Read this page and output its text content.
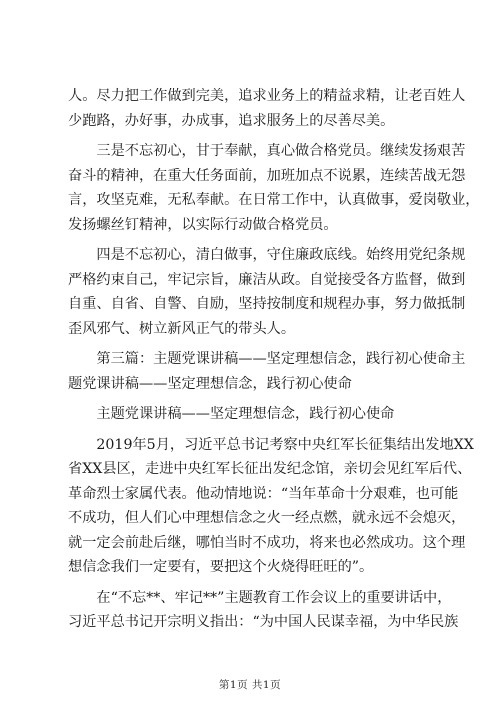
人。尽力把工作做到完美，追求业务上的精益求精，让老百姓人
少跑路，办好事，办成事，追求服务上的尽善尽美。

　　三是不忘初心，甘于奉献，真心做合格党员。继续发扬艰苦
奋斗的精神，在重大任务面前，加班加点不说累，连续苦战无怨
言，攻坚克难，无私奉献。在日常工作中，认真做事，爱岗敬业，
发扬螺丝钉精神，以实际行动做合格党员。

　　四是不忘初心，清白做事，守住廉政底线。始终用党纪条规
严格约束自己，牢记宗旨，廉洁从政。自觉接受各方监督，做到
自重、自省、自警、自励，坚持按制度和规程办事，努力做抵制
歪风邪气、树立新风正气的带头人。

　　第三篇：主题党课讲稿——坚定理想信念，践行初心使命主
题党课讲稿——坚定理想信念，践行初心使命

　　主题党课讲稿——坚定理想信念，践行初心使命

　　2019年5月，习近平总书记考察中央红军长征集结出发地XX
省XX县区，走进中央红军长征出发纪念馆，亲切会见红军后代、
革命烈士家属代表。他动情地说：“当年革命十分艰难，也可能
不成功，但人们心中理想信念之火一经点燃，就永远不会熄灭，
就一定会前赴后继，哪怕当时不成功，将来也必然成功。这个理
想信念我们一定要有，要把这个火烧得旺旺的”。

　　在“不忘**、牢记**”主题教育工作会议上的重要讲话中，
习近平总书记开宗明义指出：“为中国人民谋幸福，为中华民族

第1页 共1页
